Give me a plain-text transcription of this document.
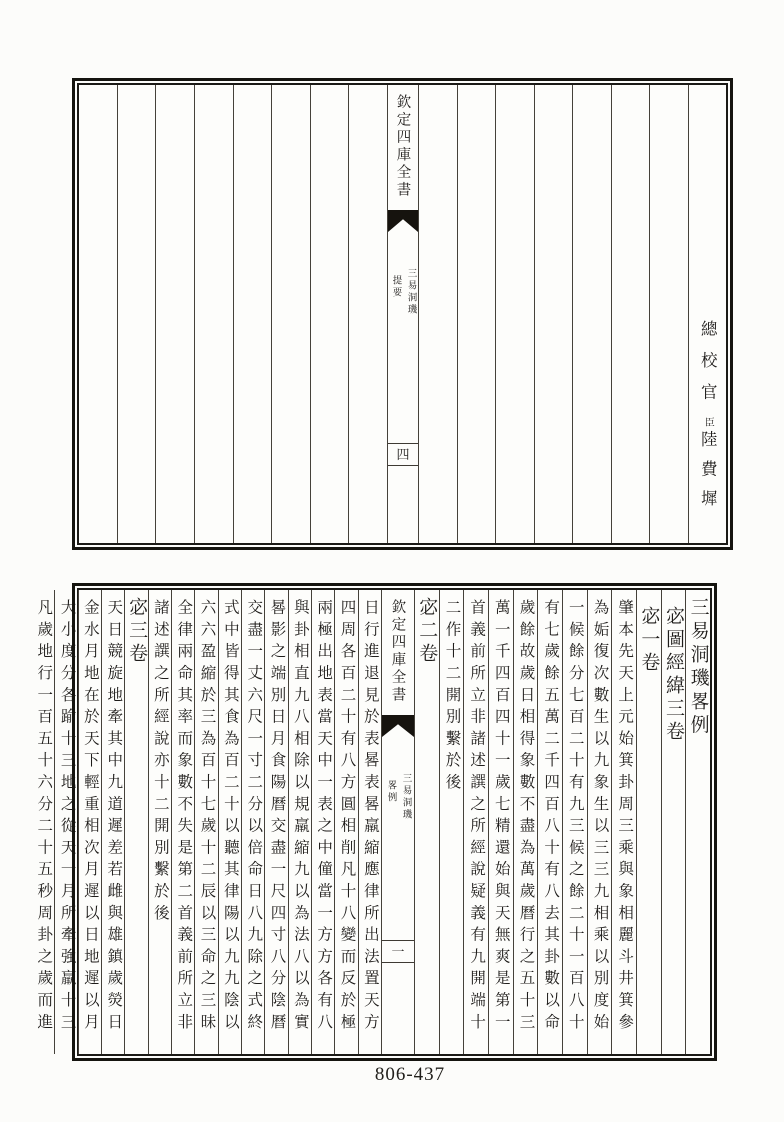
總校官臣陸費墀
欽定四庫全書
三易洞璣
提要
四
三易洞璣畧例
宓圖經緯三卷
宓一卷
肇本先天上元始箕卦周三乘與象相麗斗井箕參
為姤復次數生以九象生以三三九相乘以別度始
一候餘分七百二十有九三候之餘二十一百八十
有七歲餘五萬二千四百八十有八去其卦數以命
歲餘故歲日相得象數不盡為萬歲曆行之五十三
萬一千四百四十一歲七精還始與天無爽是第一
首義前所立非諸述譔之所經說疑義有九開端十
二作十二開別繫於後
宓二卷
欽定四庫全書
三易洞璣
畧例
一
日行進退見於表晷表晷羸縮應律所出法置天方
四周各百二十有八方圓相削凡十八變而反於極
兩極出地表當天中一表之中僮當一方方各有八
與卦相直九八相除以規羸縮九以為法八以為實
晷影之端別日月食陽曆交盡一尺四寸八分陰曆
交盡一丈六尺一寸二分以倍命日八九除之式終
式中皆得其食為百二十以聽其律陽以九九陰以
六六盈縮於三為百十七歲十二辰以三命之三昧
全律兩命其率而象數不失是第二首義前所立非
諸述譔之所經說亦十二開別繫於後
宓三卷
天日競旋地牽其中九道遲差若雌與雄鎮歲熒日
金水月地在於天下輕重相次月遲以日地遲以月
大小度分各踰十三地之從天一月所牽強羸十三
凡歲地行一百五十六分二十五秒周卦之歲而進
806-437
